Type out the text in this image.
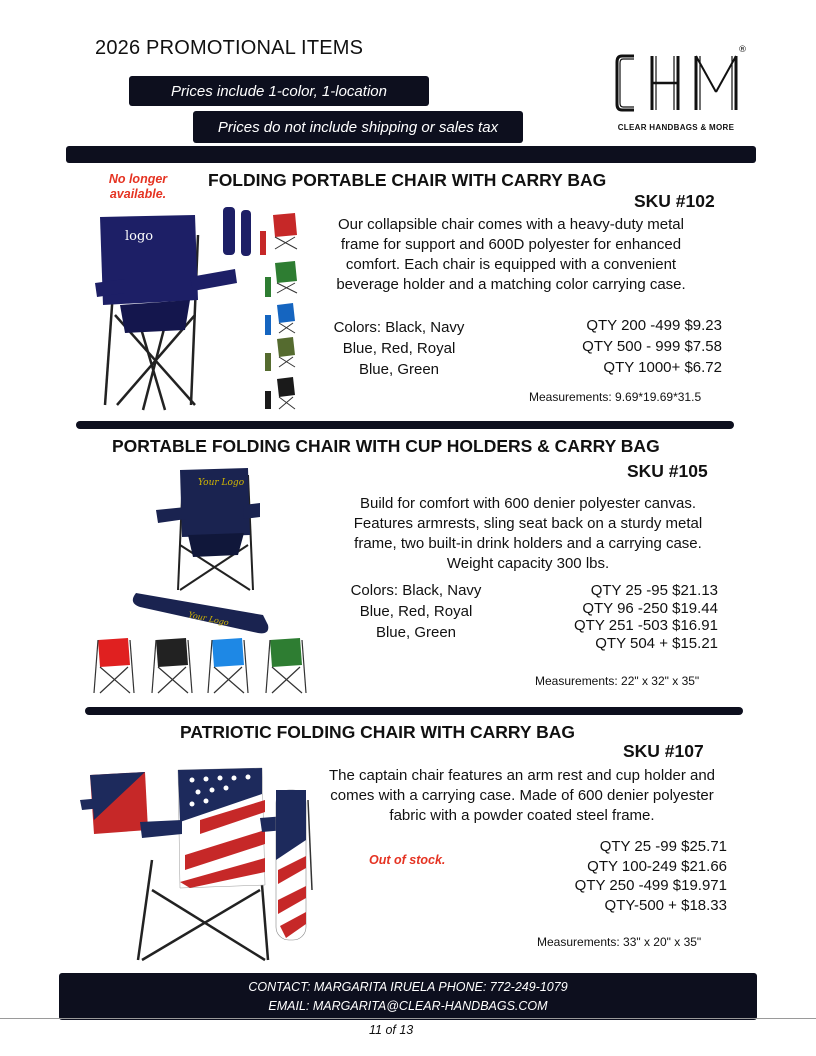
2026 PROMOTIONAL ITEMS
Prices include 1-color, 1-location
Prices do not include shipping or sales tax
®
CLEAR HANDBAGS & MORE
No longer available.
FOLDING PORTABLE CHAIR WITH CARRY BAG
SKU #102
logo
Our collapsible chair comes with a heavy-duty metal frame for support and 600D polyester for enhanced comfort. Each chair is equipped with a convenient beverage holder and a matching color carrying case.
Colors: Black, Navy Blue, Red, Royal Blue, Green
QTY 200 -499 $9.23
QTY 500 - 999 $7.58
QTY 1000+ $6.72
Measurements: 9.69*19.69*31.5
PORTABLE FOLDING CHAIR WITH CUP HOLDERS & CARRY BAG
SKU #105
Your Logo
Your Logo
Build for comfort with 600 denier polyester canvas. Features armrests, sling seat back on a sturdy metal frame, two built-in drink holders and a carrying case. Weight capacity 300 lbs.
Colors: Black, Navy Blue, Red, Royal Blue, Green
QTY 25 -95 $21.13
QTY 96 -250 $19.44
QTY 251 -503 $16.91
QTY 504 + $15.21
Measurements: 22" x 32" x 35"
PATRIOTIC FOLDING CHAIR WITH CARRY BAG
SKU #107
The captain chair features an arm rest and cup holder and comes with a carrying case. Made of 600 denier polyester fabric with a powder coated steel frame.
Out of stock.
QTY 25 -99 $25.71
QTY 100-249 $21.66
QTY 250 -499 $19.971
QTY-500 + $18.33
Measurements: 33" x 20" x 35"
CONTACT: MARGARITA IRUELA PHONE: 772-249-1079
EMAIL: MARGARITA@CLEAR-HANDBAGS.COM
11 of 13
